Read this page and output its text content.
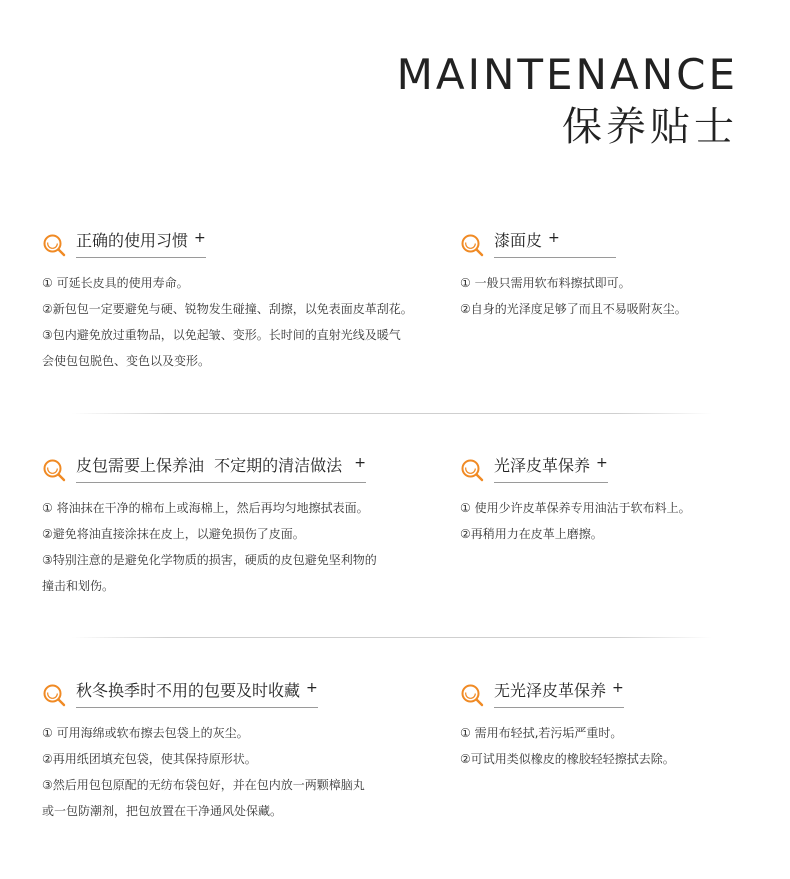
MAINTENANCE
保养贴士
正确的使用习惯 +
① 可延长皮具的使用寿命。
②新包包一定要避免与硬、锐物发生碰撞、刮擦，以免表面皮革刮花。
③包内避免放过重物品，以免起皱、变形。长时间的直射光线及暖气
会使包包脱色、变色以及变形。
漆面皮 +
① 一般只需用软布料擦拭即可。
②自身的光泽度足够了而且不易吸附灰尘。
皮包需要上保养油  不定期的清洁做法 +
① 将油抹在干净的棉布上或海棉上，然后再均匀地擦拭表面。
②避免将油直接涂抹在皮上，以避免损伤了皮面。
③特别注意的是避免化学物质的损害，硬质的皮包避免坚利物的
撞击和划伤。
光泽皮革保养 +
① 使用少许皮革保养专用油沾于软布料上。
②再稍用力在皮革上磨擦。
秋冬换季时不用的包要及时收藏 +
① 可用海绵或软布擦去包袋上的灰尘。
②再用纸团填充包袋，使其保持原形状。
③然后用包包原配的无纺布袋包好，并在包内放一两颗樟脑丸
或一包防潮剂，把包放置在干净通风处保藏。
无光泽皮革保养 +
① 需用布轻拭,若污垢严重时。
②可试用类似橡皮的橡胶轻轻擦拭去除。
